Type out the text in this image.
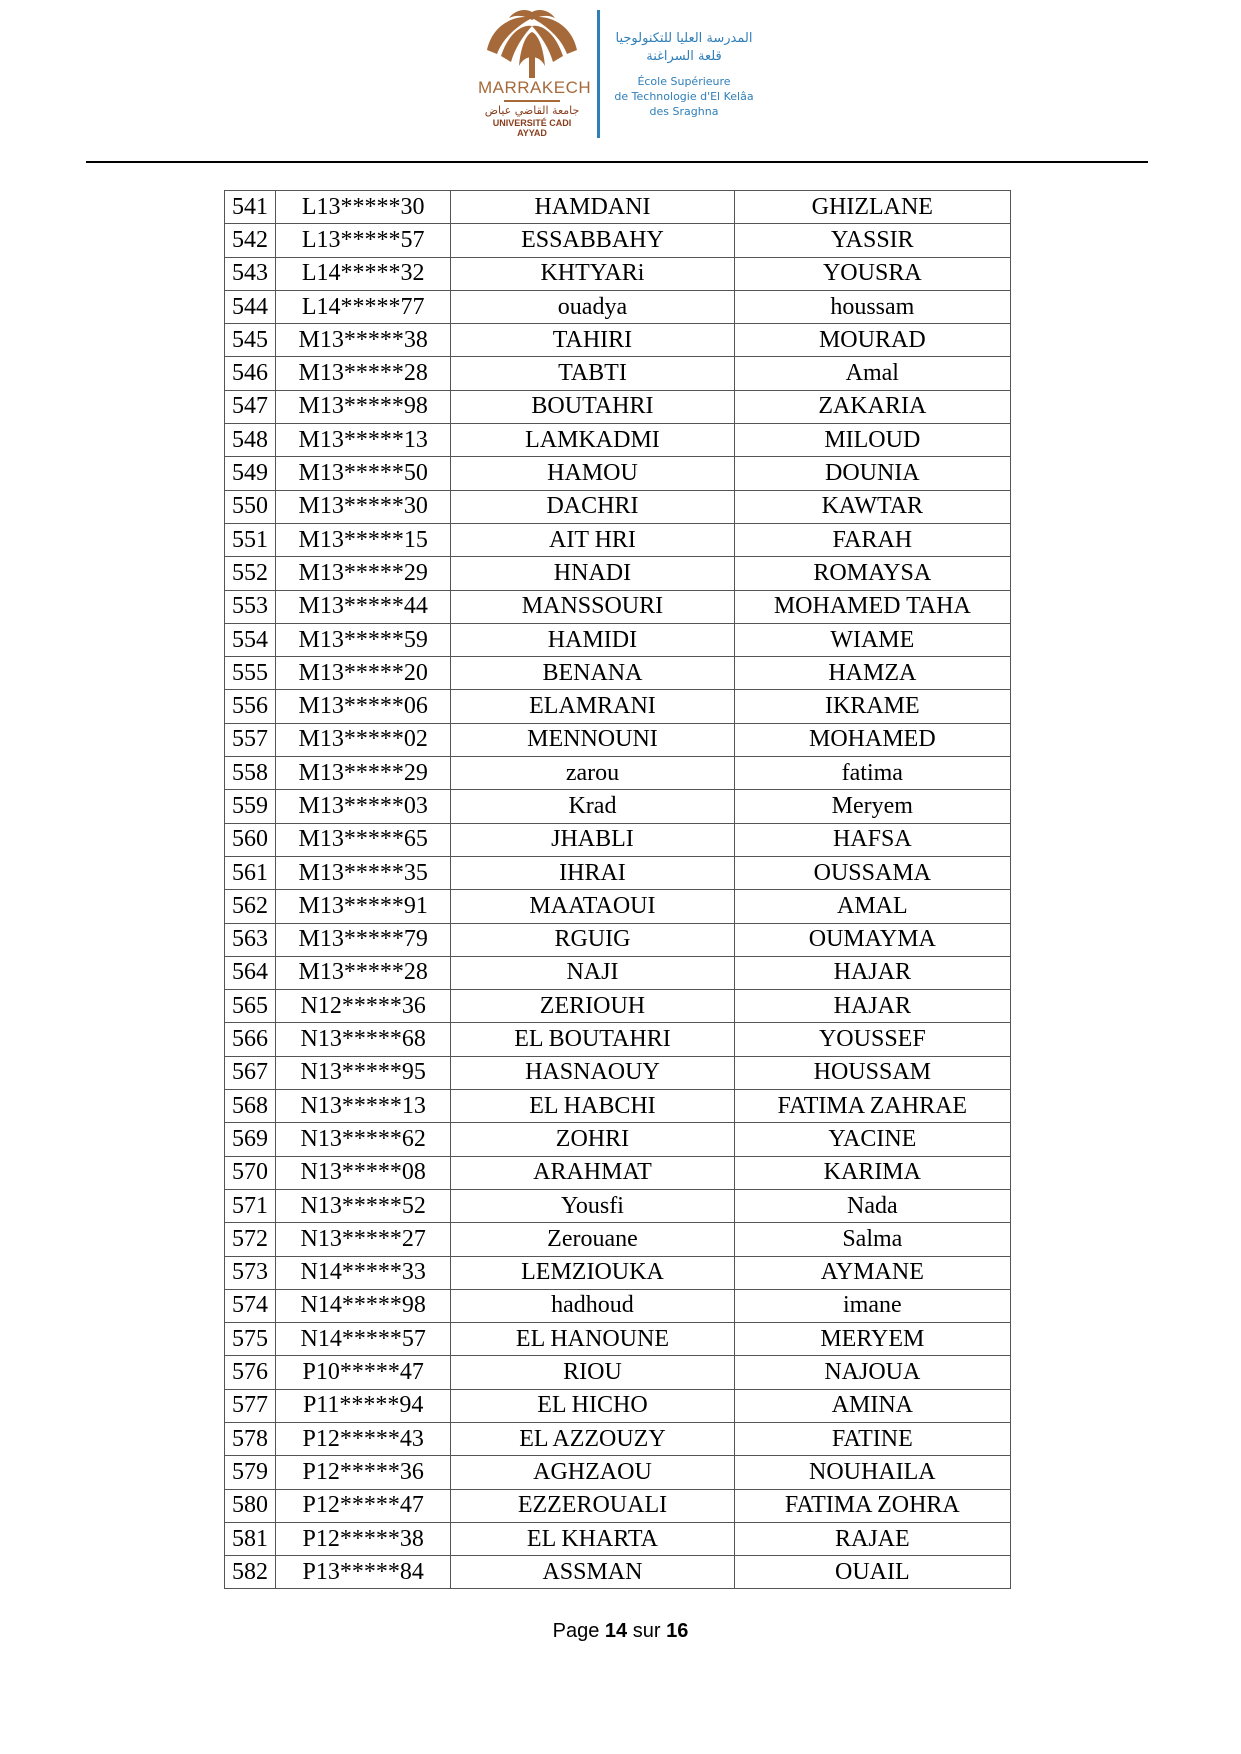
MARRAKECH
جامعة القاضي عياض
UNIVERSITÉ CADI AYYAD
المدرسة العليا للتكنولوجيا
قلعة السراغنة
École Supérieure
de Technologie d'El Kelâa
des Sraghna
541	L13*****30	HAMDANI	GHIZLANE
542	L13*****57	ESSABBAHY	YASSIR
543	L14*****32	KHTYARi	YOUSRA
544	L14*****77	ouadya	houssam
545	M13*****38	TAHIRI	MOURAD
546	M13*****28	TABTI	Amal
547	M13*****98	BOUTAHRI	ZAKARIA
548	M13*****13	LAMKADMI	MILOUD
549	M13*****50	HAMOU	DOUNIA
550	M13*****30	DACHRI	KAWTAR
551	M13*****15	AIT HRI	FARAH
552	M13*****29	HNADI	ROMAYSA
553	M13*****44	MANSSOURI	MOHAMED TAHA
554	M13*****59	HAMIDI	WIAME
555	M13*****20	BENANA	HAMZA
556	M13*****06	ELAMRANI	IKRAME
557	M13*****02	MENNOUNI	MOHAMED
558	M13*****29	zarou	fatima
559	M13*****03	Krad	Meryem
560	M13*****65	JHABLI	HAFSA
561	M13*****35	IHRAI	OUSSAMA
562	M13*****91	MAATAOUI	AMAL
563	M13*****79	RGUIG	OUMAYMA
564	M13*****28	NAJI	HAJAR
565	N12*****36	ZERIOUH	HAJAR
566	N13*****68	EL BOUTAHRI	YOUSSEF
567	N13*****95	HASNAOUY	HOUSSAM
568	N13*****13	EL HABCHI	FATIMA ZAHRAE
569	N13*****62	ZOHRI	YACINE
570	N13*****08	ARAHMAT	KARIMA
571	N13*****52	Yousfi	Nada
572	N13*****27	Zerouane	Salma
573	N14*****33	LEMZIOUKA	AYMANE
574	N14*****98	hadhoud	imane
575	N14*****57	EL HANOUNE	MERYEM
576	P10*****47	RIOU	NAJOUA
577	P11*****94	EL HICHO	AMINA
578	P12*****43	EL AZZOUZY	FATINE
579	P12*****36	AGHZAOU	NOUHAILA
580	P12*****47	EZZEROUALI	FATIMA ZOHRA
581	P12*****38	EL KHARTA	RAJAE
582	P13*****84	ASSMAN	OUAIL
Page 14 sur 16
